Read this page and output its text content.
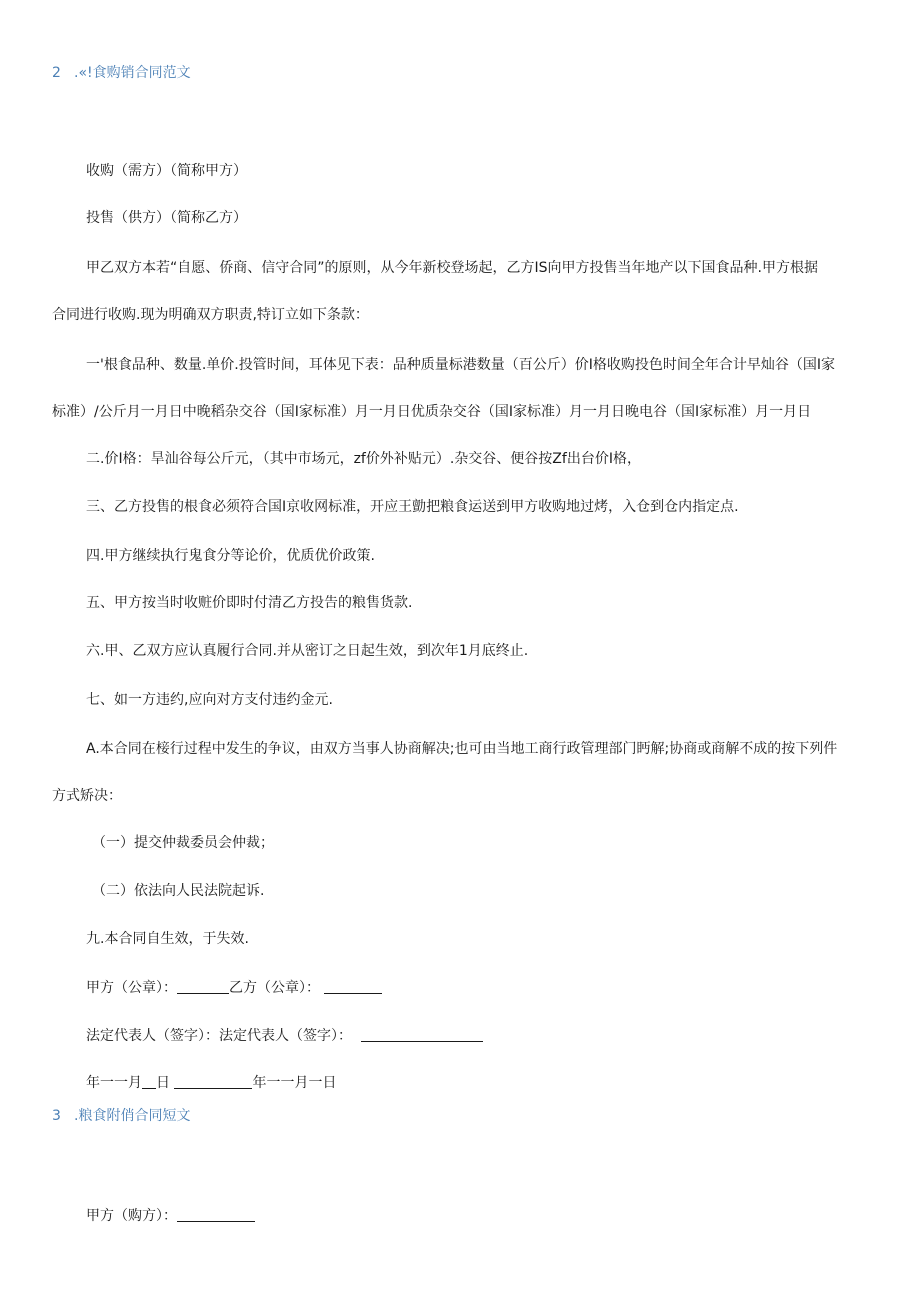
2 .«!食购销合同范文
收购（需方）（简称甲方）
投售（供方）（简称乙方）
甲乙双方本若“自愿、侨商、信守合同”的原则，从今年新校登场起，乙方IS向甲方投售当年地产以下国食品种.甲方根据
合同进行收购.现为明确双方职责,特订立如下条款：
一'根食品种、数量.单价.投管时间，耳体见下表：品种质量标港数量（百公斤）价I格收购投色时间全年合计早灿谷（国I家
标准）/公斤月一月日中晚稻杂交谷（国I家标准）月一月日优质杂交谷（国I家标准）月一月日晚电谷（国I家标准）月一月日
二.价I格：旱汕谷每公斤元，（其中市场元，zf价外补贴元）.杂交谷、便谷按Zf出台价I格，
三、乙方投售的根食必须符合国I京收网标准，开应王勯把粮食运送到甲方收购地过烤，入仓到仓内指定点.
四.甲方继续执行鬼食分等论价，优质优价政策.
五、甲方按当时收赃价即时付清乙方投告的粮售货款.
六.甲、乙双方应认真履行合同.并从密订之日起生效，到次年1月底终止.
七、如一方违约,应向对方支付违约金元.
A.本合同在椄行过程中发生的争议，由双方当事人协商解决;也可由当地工商行政管理部门眄解;协商或商解不成的按下列件
方式矫决：
（一）提交仲裁委员会仲裁；
（二）依法向人民法院起诉.
九.本合同自生效，于失效.
甲方（公章）：	乙方（公章）：
法定代表人（签字）：法定代表人（签字）：
年一一月 日	年一一月一日
3 .粮食附俏合同短文
甲方（购方）：
